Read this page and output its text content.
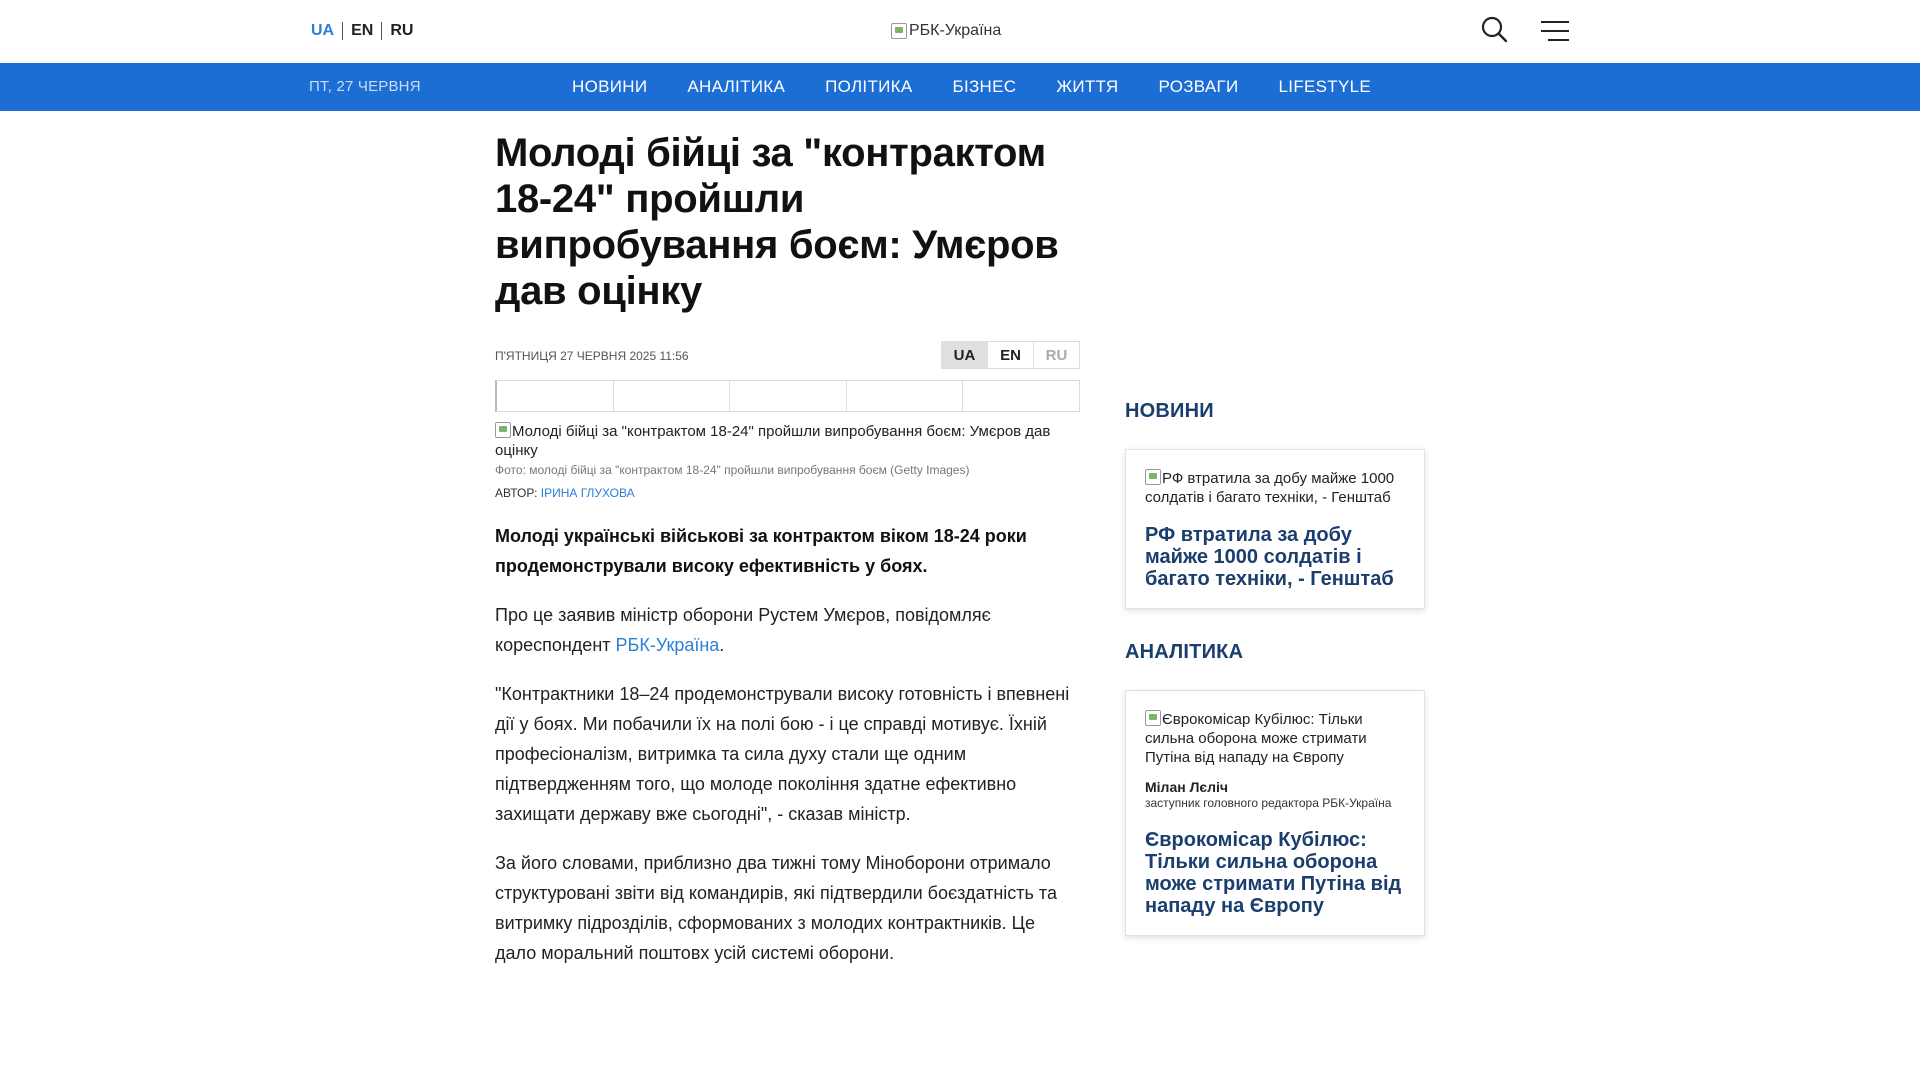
UA	EN	RU	РБК-Україна
ПТ, 27 ЧЕРВНЯ	НОВИНИ	АНАЛІТИКА	ПОЛІТИКА	БІЗНЕС	ЖИТТЯ	РОЗВАГИ	LIFESTYLE
Молоді бійці за "контрактом 18-24" пройшли випробування боєм: Умєров дав оцінку
П'ЯТНИЦЯ 27 ЧЕРВНЯ 2025 11:56	UA	EN	RU
Молоді бійці за "контрактом 18-24" пройшли випробування боєм: Умєров дав оцінку
Фото: молоді бійці за "контрактом 18-24" пройшли випробування боєм (Getty Images)
АВТОР: ІРИНА ГЛУХОВА

Молоді українські військові за контрактом віком 18-24 роки продемонстрували високу ефективність у боях.

Про це заявив міністр оборони Рустем Умєров, повідомляє кореспондент РБК-Україна.

"Контрактники 18–24 продемонстрували високу готовність і впевнені дії у боях. Ми побачили їх на полі бою - і це справді мотивує. Їхній професіоналізм, витримка та сила духу стали ще одним підтвердженням того, що молоде покоління здатне ефективно захищати державу вже сьогодні", - сказав міністр.

За його словами, приблизно два тижні тому Міноборони отримало структуровані звіти від командирів, які підтвердили боєздатність та витримку підрозділів, сформованих з молодих контрактників. Це дало моральний поштовх усій системі оборони.

НОВИНИ
РФ втратила за добу майже 1000 солдатів і багато техніки, - Генштаб
РФ втратила за добу майже 1000 солдатів і багато техніки, - Генштаб
АНАЛІТИКА
Єврокомісар Кубілюс: Тільки сильна оборона може стримати Путіна від нападу на Європу
Мілан Лєліч
заступник головного редактора РБК-Україна
Єврокомісар Кубілюс: Тільки сильна оборона може стримати Путіна від нападу на Європу
